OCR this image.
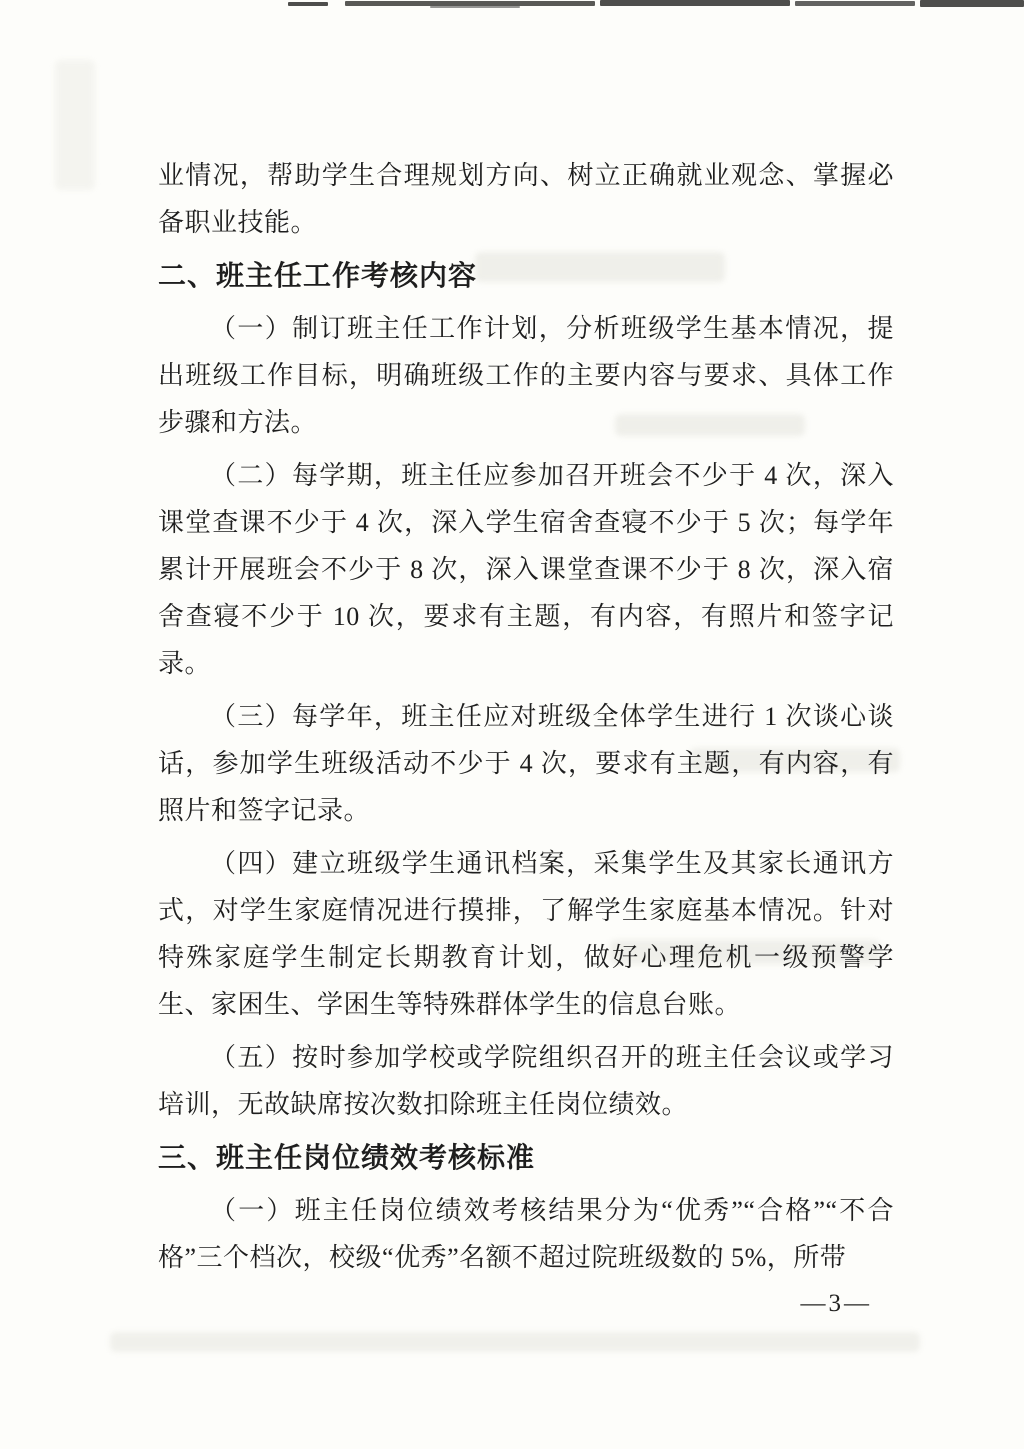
业情况，帮助学生合理规划方向、树立正确就业观念、掌握必备职业技能。

二、班主任工作考核内容

（一）制订班主任工作计划，分析班级学生基本情况，提出班级工作目标，明确班级工作的主要内容与要求、具体工作步骤和方法。

（二）每学期，班主任应参加召开班会不少于 4 次，深入课堂查课不少于 4 次，深入学生宿舍查寝不少于 5 次；每学年累计开展班会不少于 8 次，深入课堂查课不少于 8 次，深入宿舍查寝不少于 10 次，要求有主题，有内容，有照片和签字记录。

（三）每学年，班主任应对班级全体学生进行 1 次谈心谈话，参加学生班级活动不少于 4 次，要求有主题，有内容，有照片和签字记录。

（四）建立班级学生通讯档案，采集学生及其家长通讯方式，对学生家庭情况进行摸排，了解学生家庭基本情况。针对特殊家庭学生制定长期教育计划，做好心理危机一级预警学生、家困生、学困生等特殊群体学生的信息台账。

（五）按时参加学校或学院组织召开的班主任会议或学习培训，无故缺席按次数扣除班主任岗位绩效。

三、班主任岗位绩效考核标准

（一）班主任岗位绩效考核结果分为“优秀”“合格”“不合格”三个档次，校级“优秀”名额不超过院班级数的 5%，所带

—3—
